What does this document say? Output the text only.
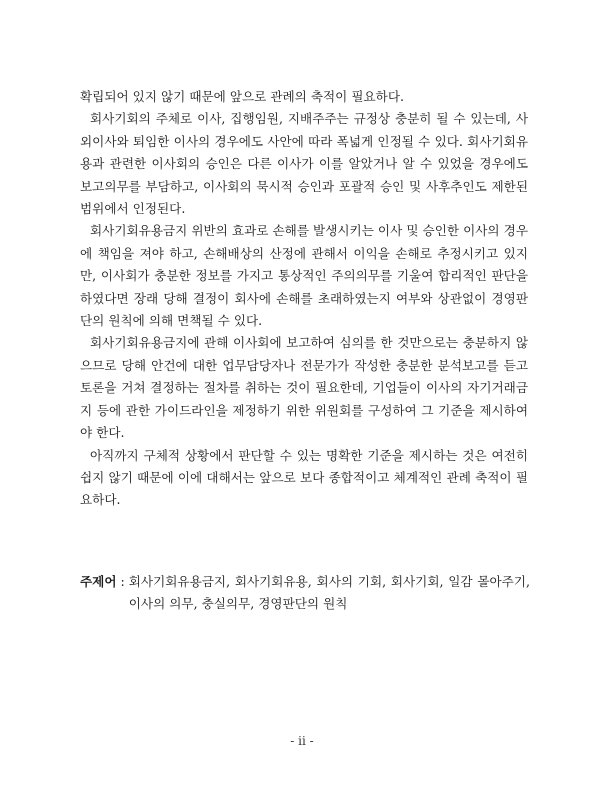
확립되어 있지 않기 때문에 앞으로 관례의 축적이 필요하다.

회사기회의 주체로 이사, 집행임원, 지배주주는 규정상 충분히 될 수 있는데, 사외이사와 퇴임한 이사의 경우에도 사안에 따라 폭넓게 인정될 수 있다. 회사기회유용과 관련한 이사회의 승인은 다른 이사가 이를 알았거나 알 수 있었을 경우에도 보고의무를 부담하고, 이사회의 묵시적 승인과 포괄적 승인 및 사후추인도 제한된 범위에서 인정된다.

회사기회유용금지 위반의 효과로 손해를 발생시키는 이사 및 승인한 이사의 경우에 책임을 져야 하고, 손해배상의 산정에 관해서 이익을 손해로 추정시키고 있지만, 이사회가 충분한 정보를 가지고 통상적인 주의의무를 기울여 합리적인 판단을 하였다면 장래 당해 결정이 회사에 손해를 초래하였는지 여부와 상관없이 경영판단의 원칙에 의해 면책될 수 있다.

회사기회유용금지에 관해 이사회에 보고하여 심의를 한 것만으로는 충분하지 않으므로 당해 안건에 대한 업무담당자나 전문가가 작성한 충분한 분석보고를 듣고 토론을 거쳐 결정하는 절차를 취하는 것이 필요한데, 기업들이 이사의 자기거래금지 등에 관한 가이드라인을 제정하기 위한 위원회를 구성하여 그 기준을 제시하여야 한다.

아직까지 구체적 상황에서 판단할 수 있는 명확한 기준을 제시하는 것은 여전히 쉽지 않기 때문에 이에 대해서는 앞으로 보다 종합적이고 체계적인 관례 축적이 필요하다.

주제어 : 회사기회유용금지, 회사기회유용, 회사의 기회, 회사기회, 일감 몰아주기, 이사의 의무, 충실의무, 경영판단의 원칙
- ii -
